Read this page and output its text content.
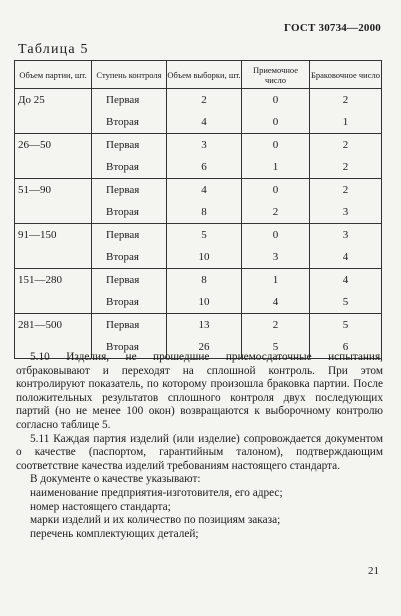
ГОСТ 30734—2000
Таблица 5
Объем партии, шт.	Ступень контроля	Объем выборки, шт.	Приемочное число	Браковочное число
До 25	Первая	2	0	2
	Вторая	4	0	1
26—50	Первая	3	0	2
	Вторая	6	1	2
51—90	Первая	4	0	2
	Вторая	8	2	3
91—150	Первая	5	0	3
	Вторая	10	3	4
151—280	Первая	8	1	4
	Вторая	10	4	5
281—500	Первая	13	2	5
	Вторая	26	5	6

5.10 Изделия, не прошедшие приемосдаточные испытания, отбраковывают и переходят на сплошной контроль. При этом контролируют показатель, по которому произошла браковка партии. После положительных результатов сплошного контроля двух последующих партий (но не менее 100 окон) возвращаются к выборочному контролю согласно таблице 5.

5.11 Каждая партия изделий (или изделие) сопровождается документом о качестве (паспортом, гарантийным талоном), подтверждающим соответствие качества изделий требованиям настоящего стандарта.

В документе о качестве указывают:

наименование предприятия-изготовителя, его адрес;

номер настоящего стандарта;

марки изделий и их количество по позициям заказа;

перечень комплектующих деталей;

21
